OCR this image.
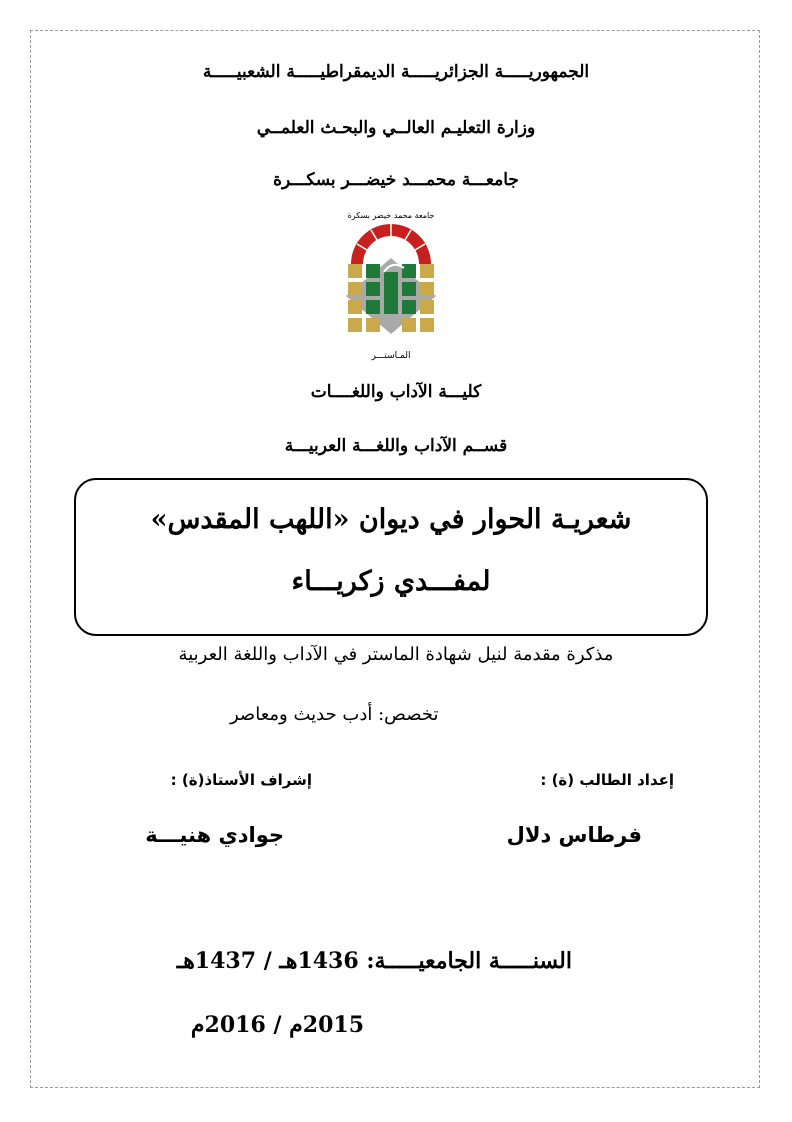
الجمهوريـــــة الجزائريـــــة الديمقراطيـــــة الشعبيـــــة
وزارة التعليـم العالــي والبحـث العلمــي
جامعـــة محمـــد خيضـــر بسكـــرة
جامعة محمد خيضر بسكرة
المـاستـــر
كليـــة الآداب واللغــــات
قســم الآداب واللغـــة العربيـــة
شعريـة الحوار في ديوان «اللهب المقدس»
لمفـــدي زكريـــاء
مذكرة مقدمة لنيل شهادة الماستر في الآداب واللغة العربية
تخصص: أدب حديث ومعاصر
إعداد الطالب (ة) :
إشراف الأستاذ(ة) :
فرطاس دلال
جوادي هنيـــة
السنـــــة الجامعيـــــة: 1436هـ / 1437هـ
2015م / 2016م
